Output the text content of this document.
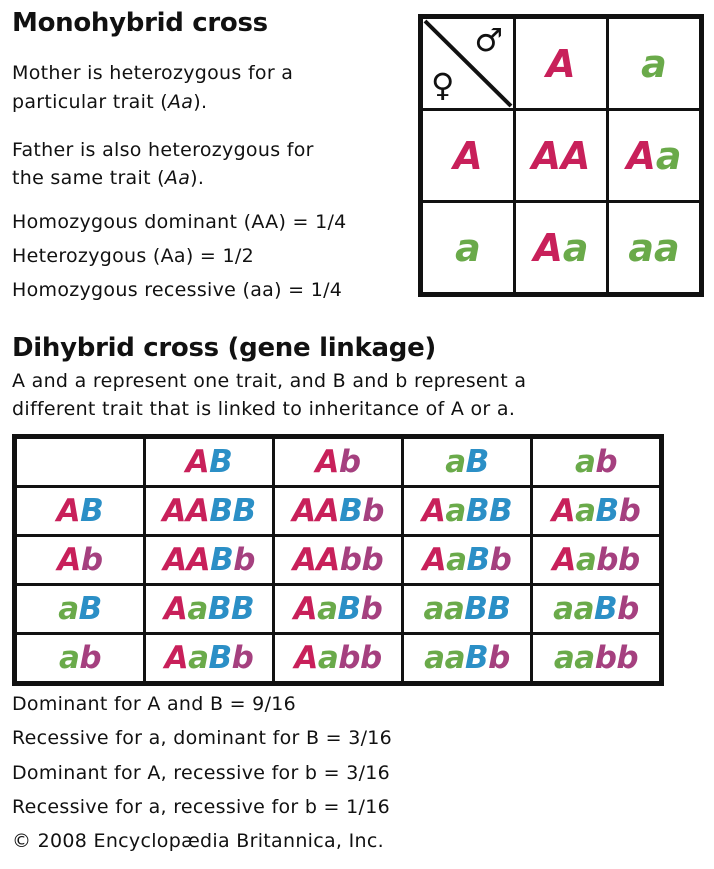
Monohybrid cross
Mother is heterozygous for a
particular trait (Aa).
Father is also heterozygous for
the same trait (Aa).
Homozygous dominant (AA) = 1/4
Heterozygous (Aa) = 1/2
Homozygous recessive (aa) = 1/4
♂
♀	A	a
A	AA	Aa
a	Aa	aa
Dihybrid cross (gene linkage)
A and a represent one trait, and B and b represent a
different trait that is linked to inheritance of A or a.
	AB	Ab	aB	ab
AB	AABB	AABb	AaBB	AaBb
Ab	AABb	AAbb	AaBb	Aabb
aB	AaBB	AaBb	aaBB	aaBb
ab	AaBb	Aabb	aaBb	aabb
Dominant for A and B = 9/16
Recessive for a, dominant for B = 3/16
Dominant for A, recessive for b = 3/16
Recessive for a, recessive for b = 1/16
© 2008 Encyclopædia Britannica, Inc.
